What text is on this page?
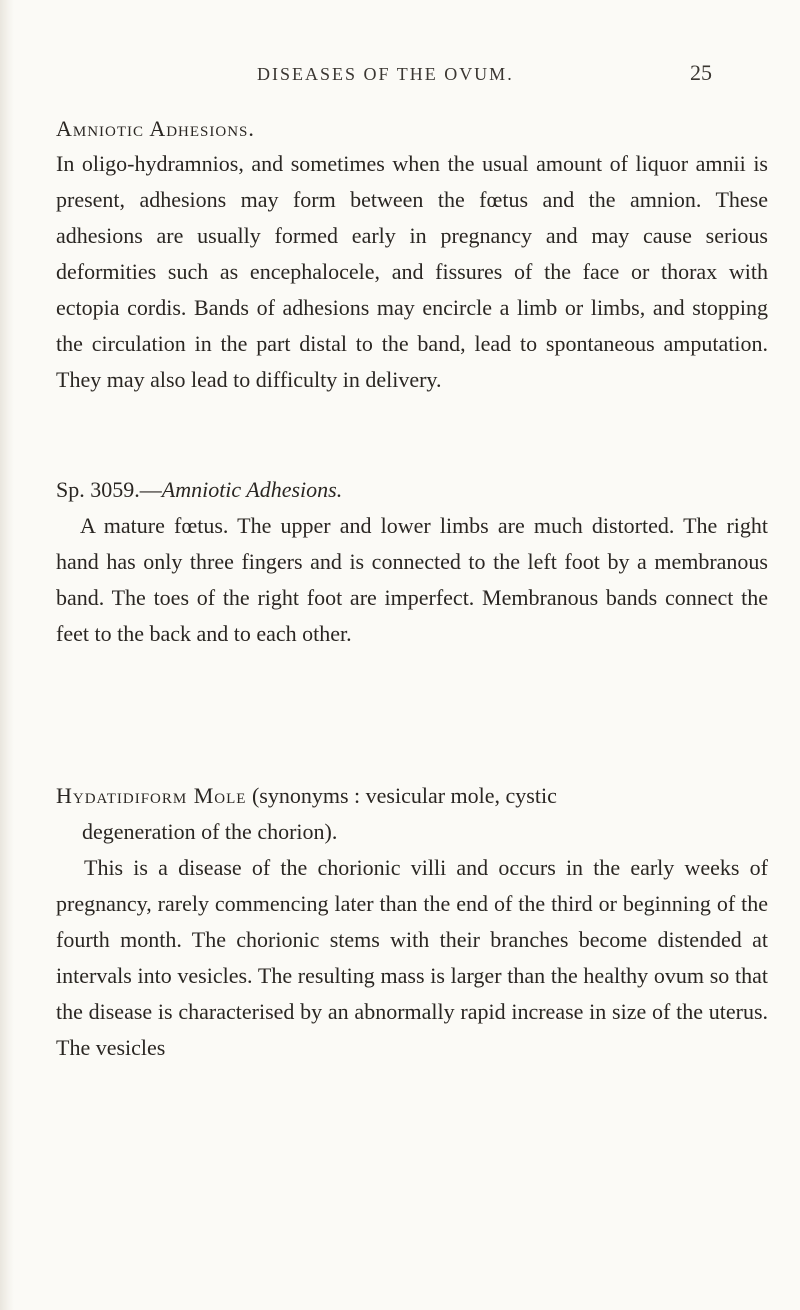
DISEASES OF THE OVUM.	25
Amniotic Adhesions.

In oligo-hydramnios, and sometimes when the usual amount of liquor amnii is present, adhesions may form between the fœtus and the amnion. These adhesions are usually formed early in pregnancy and may cause serious deformities such as encephalocele, and fissures of the face or thorax with ectopia cordis. Bands of adhesions may encircle a limb or limbs, and stopping the circulation in the part distal to the band, lead to spontaneous amputation. They may also lead to difficulty in delivery.

Sp. 3059.—Amniotic Adhesions.

A mature fœtus. The upper and lower limbs are much distorted. The right hand has only three fingers and is connected to the left foot by a membranous band. The toes of the right foot are imperfect. Membranous bands connect the feet to the back and to each other.

Hydatidiform Mole (synonyms : vesicular mole, cystic
degeneration of the chorion).

This is a disease of the chorionic villi and occurs in the early weeks of pregnancy, rarely commencing later than the end of the third or beginning of the fourth month. The chorionic stems with their branches become distended at intervals into vesicles. The resulting mass is larger than the healthy ovum so that the disease is characterised by an abnormally rapid increase in size of the uterus. The vesicles
